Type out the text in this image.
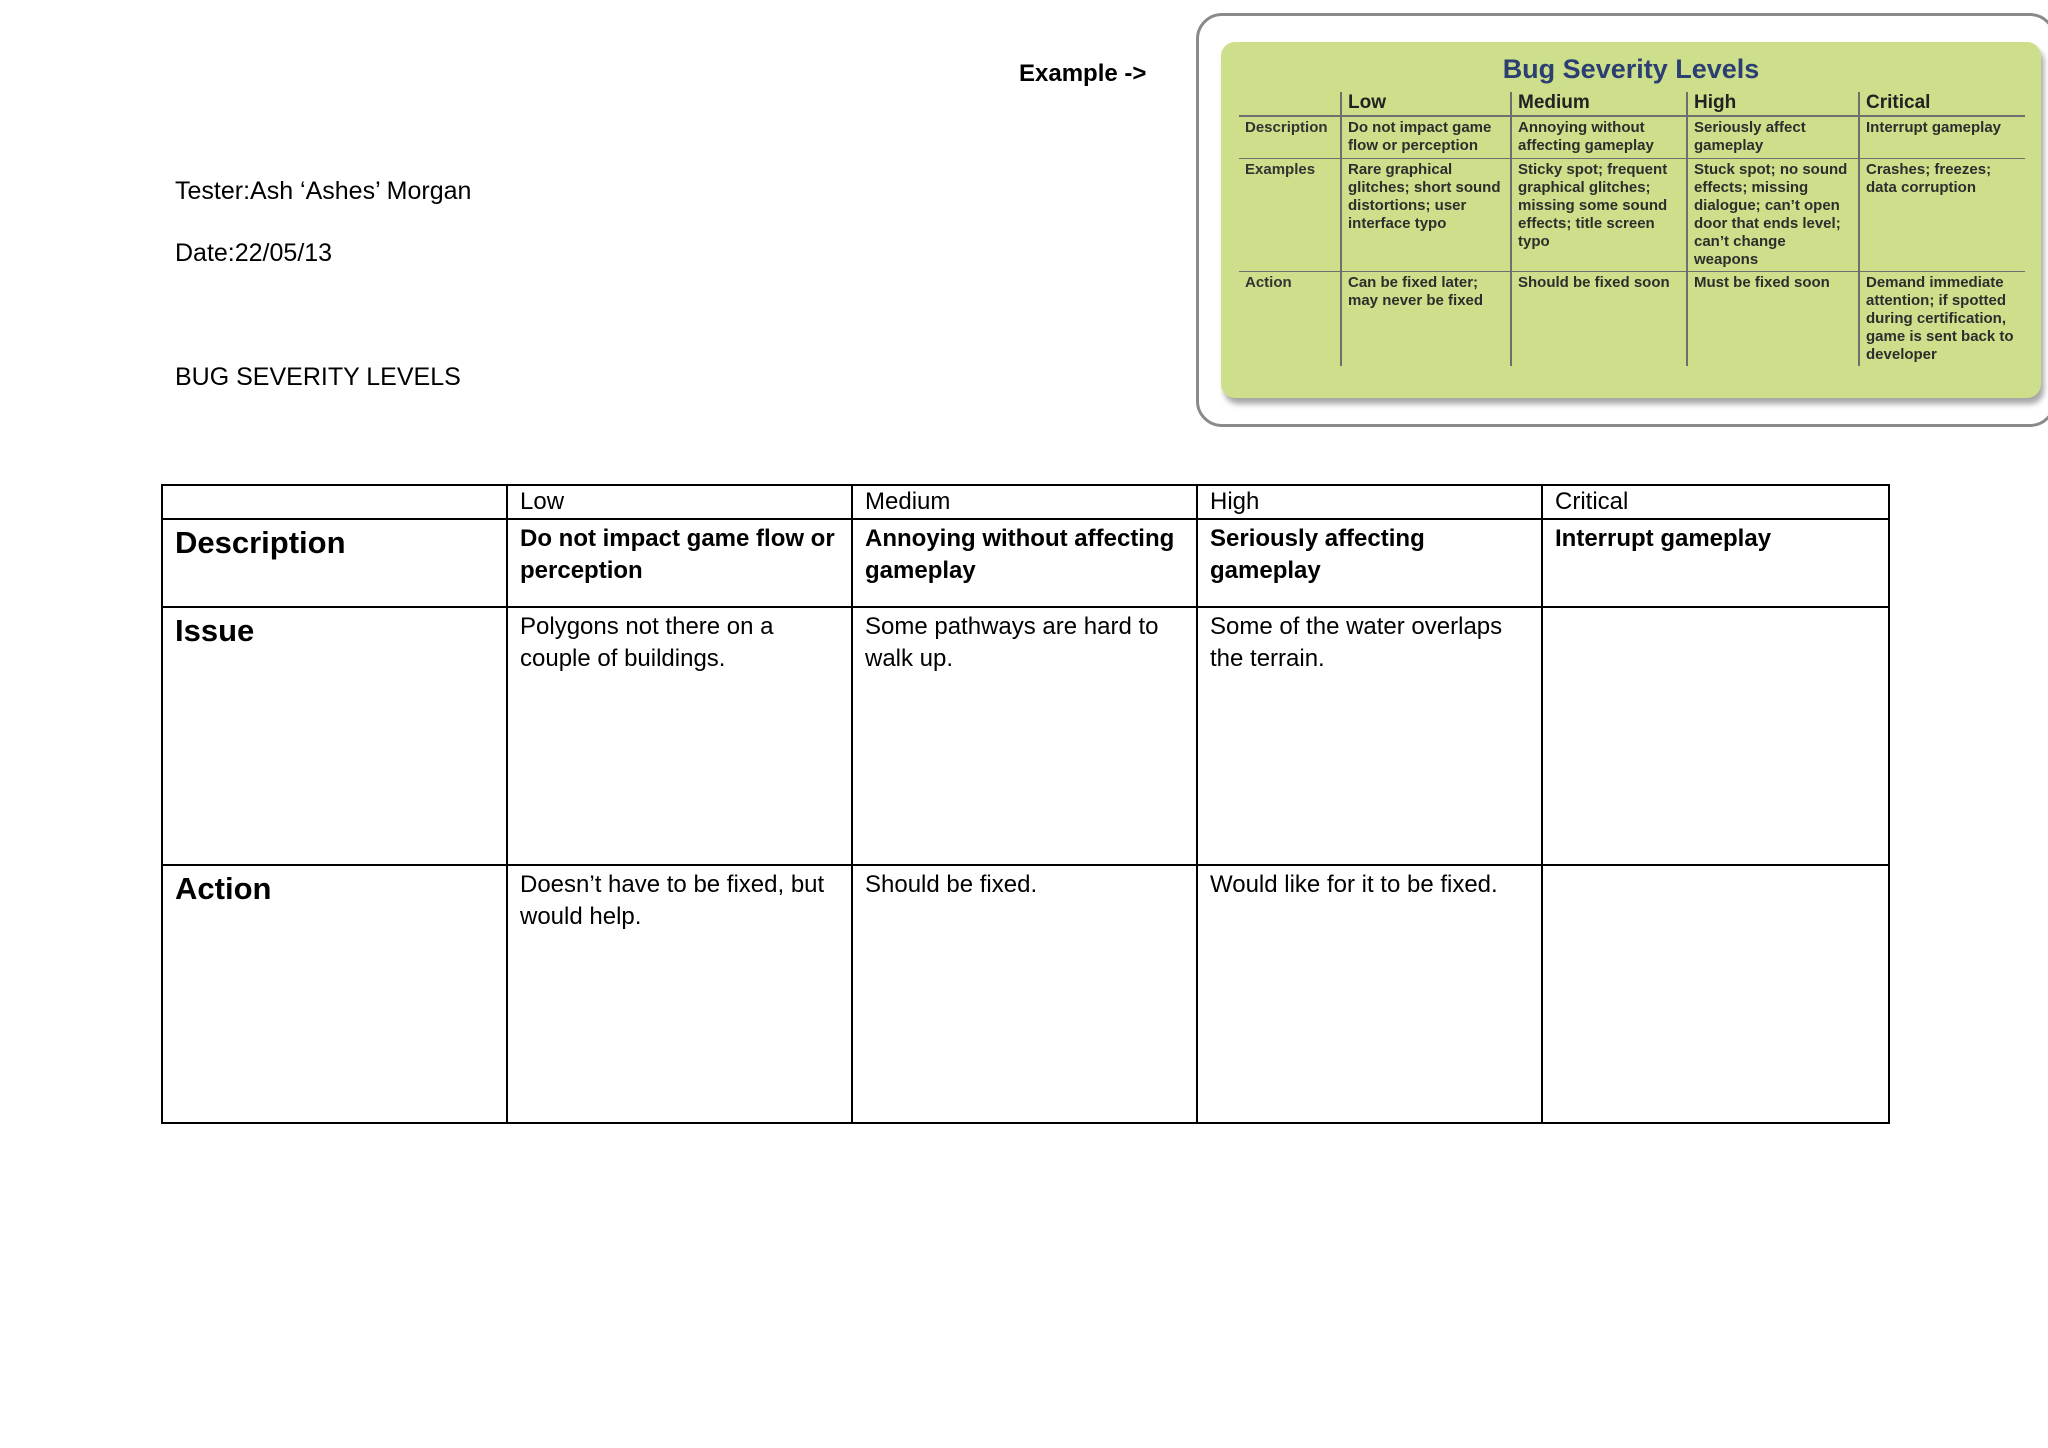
Example ->
Tester:Ash ‘Ashes’ Morgan
Date:22/05/13
BUG SEVERITY LEVELS
Bug Severity Levels
	Low	Medium	High	Critical
Description	Do not impact game flow or perception	Annoying without affecting gameplay	Seriously affect gameplay	Interrupt gameplay
Examples	Rare graphical glitches; short sound distortions; user interface typo	Sticky spot; frequent graphical glitches; missing some sound effects; title screen typo	Stuck spot; no sound effects; missing dialogue; can’t open door that ends level; can’t change weapons	Crashes; freezes; data corruption
Action	Can be fixed later; may never be fixed	Should be fixed soon	Must be fixed soon	Demand immediate attention; if spotted during certification, game is sent back to developer
	Low	Medium	High	Critical
Description	Do not impact game flow or perception	Annoying without affecting gameplay	Seriously affecting gameplay	Interrupt gameplay
Issue	Polygons not there on a couple of buildings.	Some pathways are hard to walk up.	Some of the water overlaps the terrain.	
Action	Doesn’t have to be fixed, but would help.	Should be fixed.	Would like for it to be fixed.	
